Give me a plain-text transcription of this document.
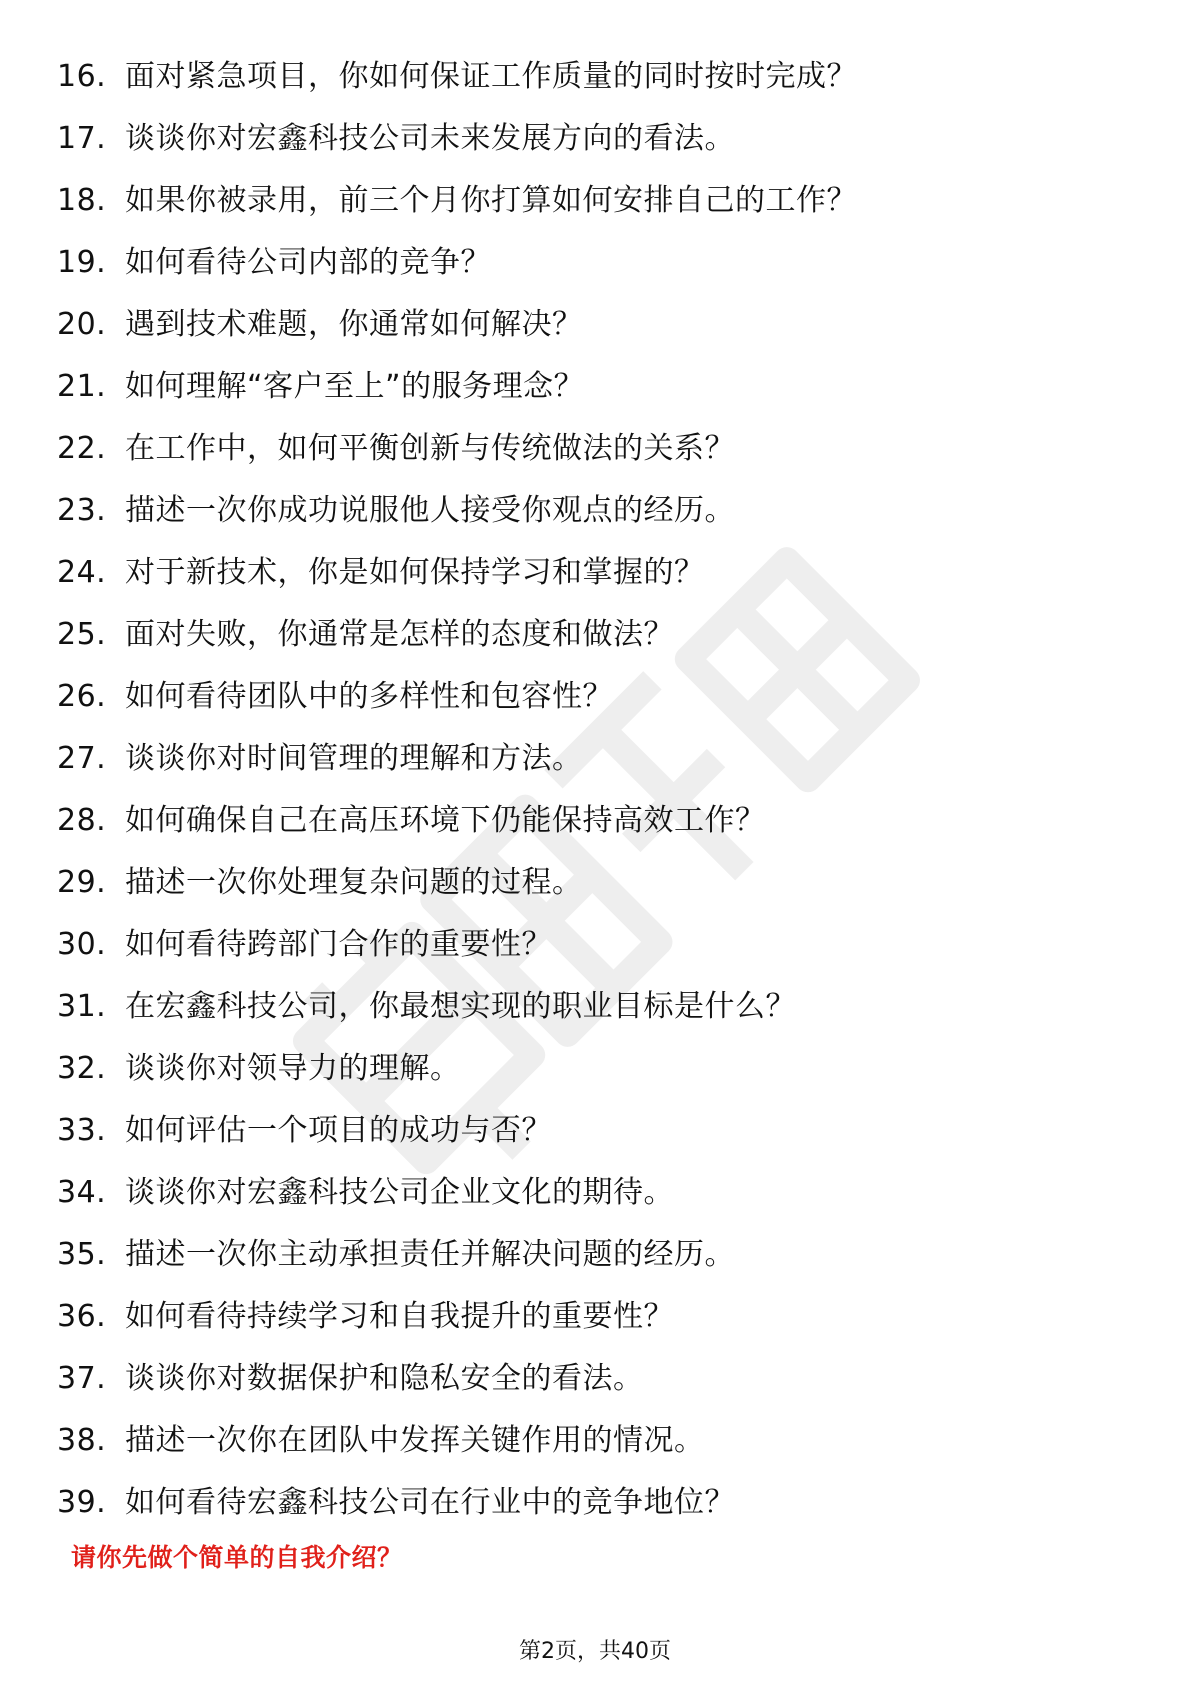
16. 面对紧急项目，你如何保证工作质量的同时按时完成？
17. 谈谈你对宏鑫科技公司未来发展方向的看法。
18. 如果你被录用，前三个月你打算如何安排自己的工作？
19. 如何看待公司内部的竞争？
20. 遇到技术难题，你通常如何解决？
21. 如何理解“客户至上”的服务理念？
22. 在工作中，如何平衡创新与传统做法的关系？
23. 描述一次你成功说服他人接受你观点的经历。
24. 对于新技术，你是如何保持学习和掌握的？
25. 面对失败，你通常是怎样的态度和做法？
26. 如何看待团队中的多样性和包容性？
27. 谈谈你对时间管理的理解和方法。
28. 如何确保自己在高压环境下仍能保持高效工作？
29. 描述一次你处理复杂问题的过程。
30. 如何看待跨部门合作的重要性？
31. 在宏鑫科技公司，你最想实现的职业目标是什么？
32. 谈谈你对领导力的理解。
33. 如何评估一个项目的成功与否？
34. 谈谈你对宏鑫科技公司企业文化的期待。
35. 描述一次你主动承担责任并解决问题的经历。
36. 如何看待持续学习和自我提升的重要性？
37. 谈谈你对数据保护和隐私安全的看法。
38. 描述一次你在团队中发挥关键作用的情况。
39. 如何看待宏鑫科技公司在行业中的竞争地位？
请你先做个简单的自我介绍？
第2页，共40页
